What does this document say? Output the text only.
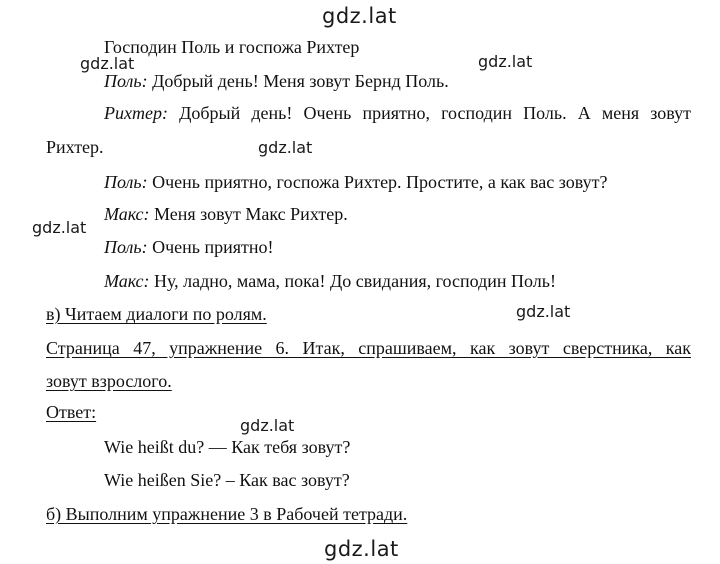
gdz.lat
gdz.lat	gdz.lat
gdz.lat
gdz.lat
gdz.lat
gdz.lat
gdz.lat
Господин Поль и госпожа Рихтер
Поль: Добрый день! Меня зовут Бернд Поль.
Рихтер: Добрый день! Очень приятно, господин Поль. А меня зовут
Рихтер.
Поль: Очень приятно, госпожа Рихтер. Простите, а как вас зовут?
Макс: Меня зовут Макс Рихтер.
Поль: Очень приятно!
Макс: Ну, ладно, мама, пока! До свидания, господин Поль!
в) Читаем диалоги по ролям.
Страница 47, упражнение 6. Итак, спрашиваем, как зовут сверстника, как
зовут взрослого.
Ответ:
Wie heißt du? — Как тебя зовут?
Wie heißen Sie? – Как вас зовут?
б) Выполним упражнение 3 в Рабочей тетради.
